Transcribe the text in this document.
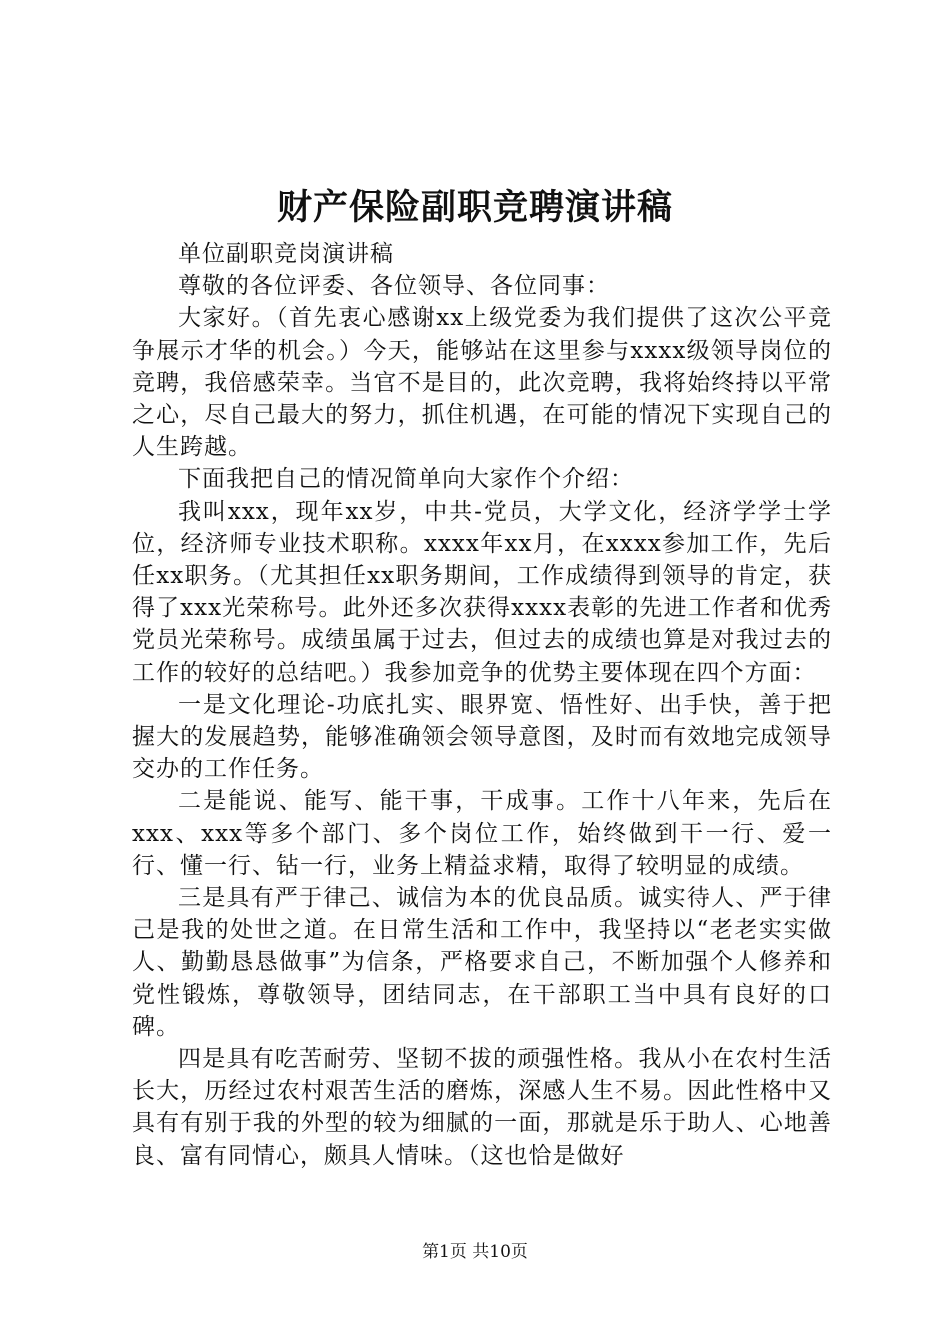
财产保险副职竞聘演讲稿

单位副职竞岗演讲稿

尊敬的各位评委、各位领导、各位同事：

大家好。（首先衷心感谢xx上级党委为我们提供了这次公平竞争展示才华的机会。）今天，能够站在这里参与xxxx级领导岗位的竞聘，我倍感荣幸。当官不是目的，此次竞聘，我将始终持以平常之心，尽自己最大的努力，抓住机遇，在可能的情况下实现自己的人生跨越。

下面我把自己的情况简单向大家作个介绍：

我叫xxx，现年xx岁，中共-党员，大学文化，经济学学士学位，经济师专业技术职称。xxxx年xx月，在xxxx参加工作，先后任xx职务。（尤其担任xx职务期间，工作成绩得到领导的肯定，获得了xxx光荣称号。此外还多次获得xxxx表彰的先进工作者和优秀党员光荣称号。成绩虽属于过去，但过去的成绩也算是对我过去的工作的较好的总结吧。）我参加竞争的优势主要体现在四个方面：

一是文化理论-功底扎实、眼界宽、悟性好、出手快，善于把握大的发展趋势，能够准确领会领导意图，及时而有效地完成领导交办的工作任务。

二是能说、能写、能干事，干成事。工作十八年来，先后在xxx、xxx等多个部门、多个岗位工作，始终做到干一行、爱一行、懂一行、钻一行，业务上精益求精，取得了较明显的成绩。

三是具有严于律己、诚信为本的优良品质。诚实待人、严于律己是我的处世之道。在日常生活和工作中，我坚持以“老老实实做人、勤勤恳恳做事”为信条，严格要求自己，不断加强个人修养和党性锻炼，尊敬领导，团结同志，在干部职工当中具有良好的口碑。

四是具有吃苦耐劳、坚韧不拔的顽强性格。我从小在农村生活长大，历经过农村艰苦生活的磨炼，深感人生不易。因此性格中又具有有别于我的外型的较为细腻的一面，那就是乐于助人、心地善良、富有同情心，颇具人情味。（这也恰是做好

第1页 共10页
